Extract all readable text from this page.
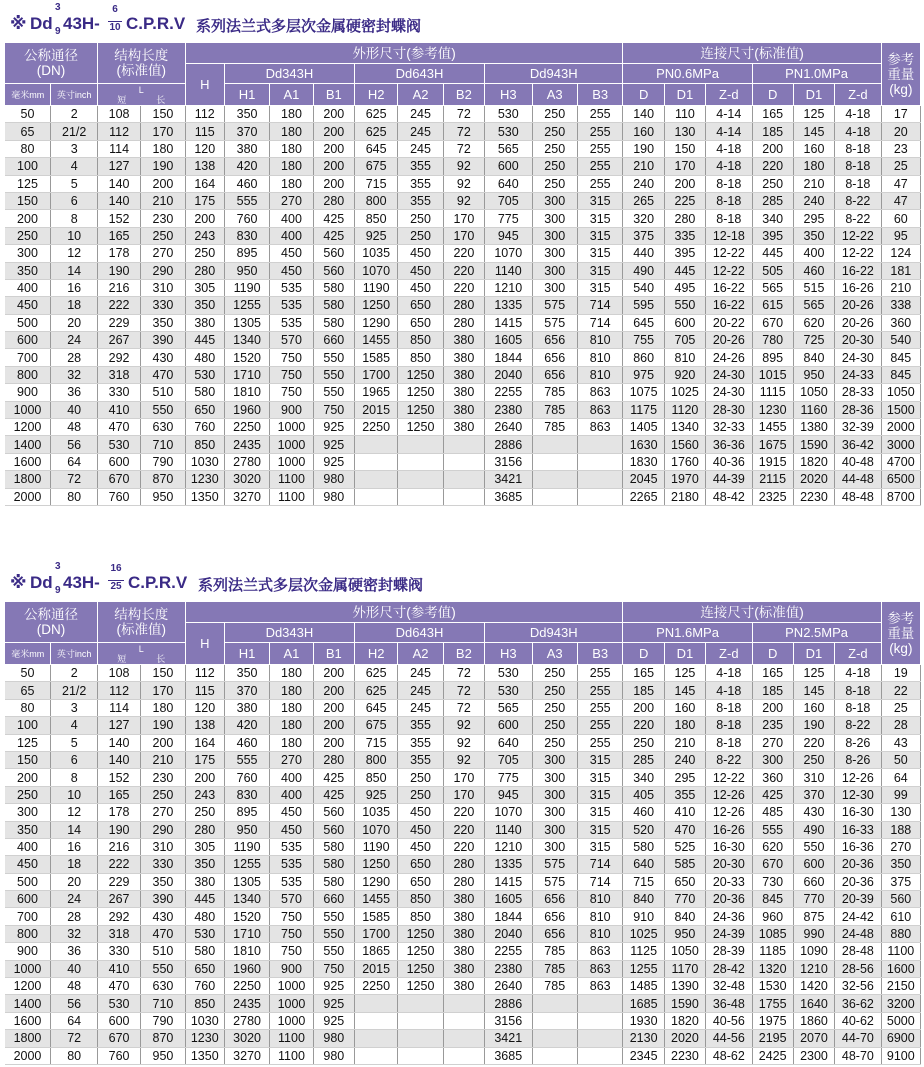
※ Dd
3
9 43H-
6
10 C.P.R.V 系列法兰式多层次金属硬密封蝶阀
公称通径
(DN)		结构长度
(标准值)		外形尺寸(参考值)										连接尺寸(标准值)						参考
重量
(kg)
				H	Dd343H			Dd643H			Dd943H			PN0.6MPa			PN1.0MPa			
毫米mm	英寸inch	L
短 长			H1	A1	B1	H2	A2	B2	H3	A3	B3	D	D1	Z-d	D	D1	Z-d	
50	2	108	150	112	350	180	200	625	245	72	530	250	255	140	110	4-14	165	125	4-18	17
65	21/2	112	170	115	370	180	200	625	245	72	530	250	255	160	130	4-14	185	145	4-18	20
80	3	114	180	120	380	180	200	645	245	72	565	250	255	190	150	4-18	200	160	8-18	23
100	4	127	190	138	420	180	200	675	355	92	600	250	255	210	170	4-18	220	180	8-18	25
125	5	140	200	164	460	180	200	715	355	92	640	250	255	240	200	8-18	250	210	8-18	47
150	6	140	210	175	555	270	280	800	355	92	705	300	315	265	225	8-18	285	240	8-22	47
200	8	152	230	200	760	400	425	850	250	170	775	300	315	320	280	8-18	340	295	8-22	60
250	10	165	250	243	830	400	425	925	250	170	945	300	315	375	335	12-18	395	350	12-22	95
300	12	178	270	250	895	450	560	1035	450	220	1070	300	315	440	395	12-22	445	400	12-22	124
350	14	190	290	280	950	450	560	1070	450	220	1140	300	315	490	445	12-22	505	460	16-22	181
400	16	216	310	305	1190	535	580	1190	450	220	1210	300	315	540	495	16-22	565	515	16-26	210
450	18	222	330	350	1255	535	580	1250	650	280	1335	575	714	595	550	16-22	615	565	20-26	338
500	20	229	350	380	1305	535	580	1290	650	280	1415	575	714	645	600	20-22	670	620	20-26	360
600	24	267	390	445	1340	570	660	1455	850	380	1605	656	810	755	705	20-26	780	725	20-30	540
700	28	292	430	480	1520	750	550	1585	850	380	1844	656	810	860	810	24-26	895	840	24-30	845
800	32	318	470	530	1710	750	550	1700	1250	380	2040	656	810	975	920	24-30	1015	950	24-33	845
900	36	330	510	580	1810	750	550	1965	1250	380	2255	785	863	1075	1025	24-30	1115	1050	28-33	1050
1000	40	410	550	650	1960	900	750	2015	1250	380	2380	785	863	1175	1120	28-30	1230	1160	28-36	1500
1200	48	470	630	760	2250	1000	925	2250	1250	380	2640	785	863	1405	1340	32-33	1455	1380	32-39	2000
1400	56	530	710	850	2435	1000	925				2886			1630	1560	36-36	1675	1590	36-42	3000
1600	64	600	790	1030	2780	1000	925				3156			1830	1760	40-36	1915	1820	40-48	4700
1800	72	670	870	1230	3020	1100	980				3421			2045	1970	44-39	2115	2020	44-48	6500
2000	80	760	950	1350	3270	1100	980				3685			2265	2180	48-42	2325	2230	48-48	8700
※ Dd
3
9 43H-
16
25 C.P.R.V 系列法兰式多层次金属硬密封蝶阀
公称通径
(DN)		结构长度
(标准值)		外形尺寸(参考值)										连接尺寸(标准值)						参考
重量
(kg)
				H	Dd343H			Dd643H			Dd943H			PN1.6MPa			PN2.5MPa			
毫米mm	英寸inch	L
短 长			H1	A1	B1	H2	A2	B2	H3	A3	B3	D	D1	Z-d	D	D1	Z-d	
50	2	108	150	112	350	180	200	625	245	72	530	250	255	165	125	4-18	165	125	4-18	19
65	21/2	112	170	115	370	180	200	625	245	72	530	250	255	185	145	4-18	185	145	8-18	22
80	3	114	180	120	380	180	200	645	245	72	565	250	255	200	160	8-18	200	160	8-18	25
100	4	127	190	138	420	180	200	675	355	92	600	250	255	220	180	8-18	235	190	8-22	28
125	5	140	200	164	460	180	200	715	355	92	640	250	255	250	210	8-18	270	220	8-26	43
150	6	140	210	175	555	270	280	800	355	92	705	300	315	285	240	8-22	300	250	8-26	50
200	8	152	230	200	760	400	425	850	250	170	775	300	315	340	295	12-22	360	310	12-26	64
250	10	165	250	243	830	400	425	925	250	170	945	300	315	405	355	12-26	425	370	12-30	99
300	12	178	270	250	895	450	560	1035	450	220	1070	300	315	460	410	12-26	485	430	16-30	130
350	14	190	290	280	950	450	560	1070	450	220	1140	300	315	520	470	16-26	555	490	16-33	188
400	16	216	310	305	1190	535	580	1190	450	220	1210	300	315	580	525	16-30	620	550	16-36	270
450	18	222	330	350	1255	535	580	1250	650	280	1335	575	714	640	585	20-30	670	600	20-36	350
500	20	229	350	380	1305	535	580	1290	650	280	1415	575	714	715	650	20-33	730	660	20-36	375
600	24	267	390	445	1340	570	660	1455	850	380	1605	656	810	840	770	20-36	845	770	20-39	560
700	28	292	430	480	1520	750	550	1585	850	380	1844	656	810	910	840	24-36	960	875	24-42	610
800	32	318	470	530	1710	750	550	1700	1250	380	2040	656	810	1025	950	24-39	1085	990	24-48	880
900	36	330	510	580	1810	750	550	1865	1250	380	2255	785	863	1125	1050	28-39	1185	1090	28-48	1100
1000	40	410	550	650	1960	900	750	2015	1250	380	2380	785	863	1255	1170	28-42	1320	1210	28-56	1600
1200	48	470	630	760	2250	1000	925	2250	1250	380	2640	785	863	1485	1390	32-48	1530	1420	32-56	2150
1400	56	530	710	850	2435	1000	925				2886			1685	1590	36-48	1755	1640	36-62	3200
1600	64	600	790	1030	2780	1000	925				3156			1930	1820	40-56	1975	1860	40-62	5000
1800	72	670	870	1230	3020	1100	980				3421			2130	2020	44-56	2195	2070	44-70	6900
2000	80	760	950	1350	3270	1100	980				3685			2345	2230	48-62	2425	2300	48-70	9100
